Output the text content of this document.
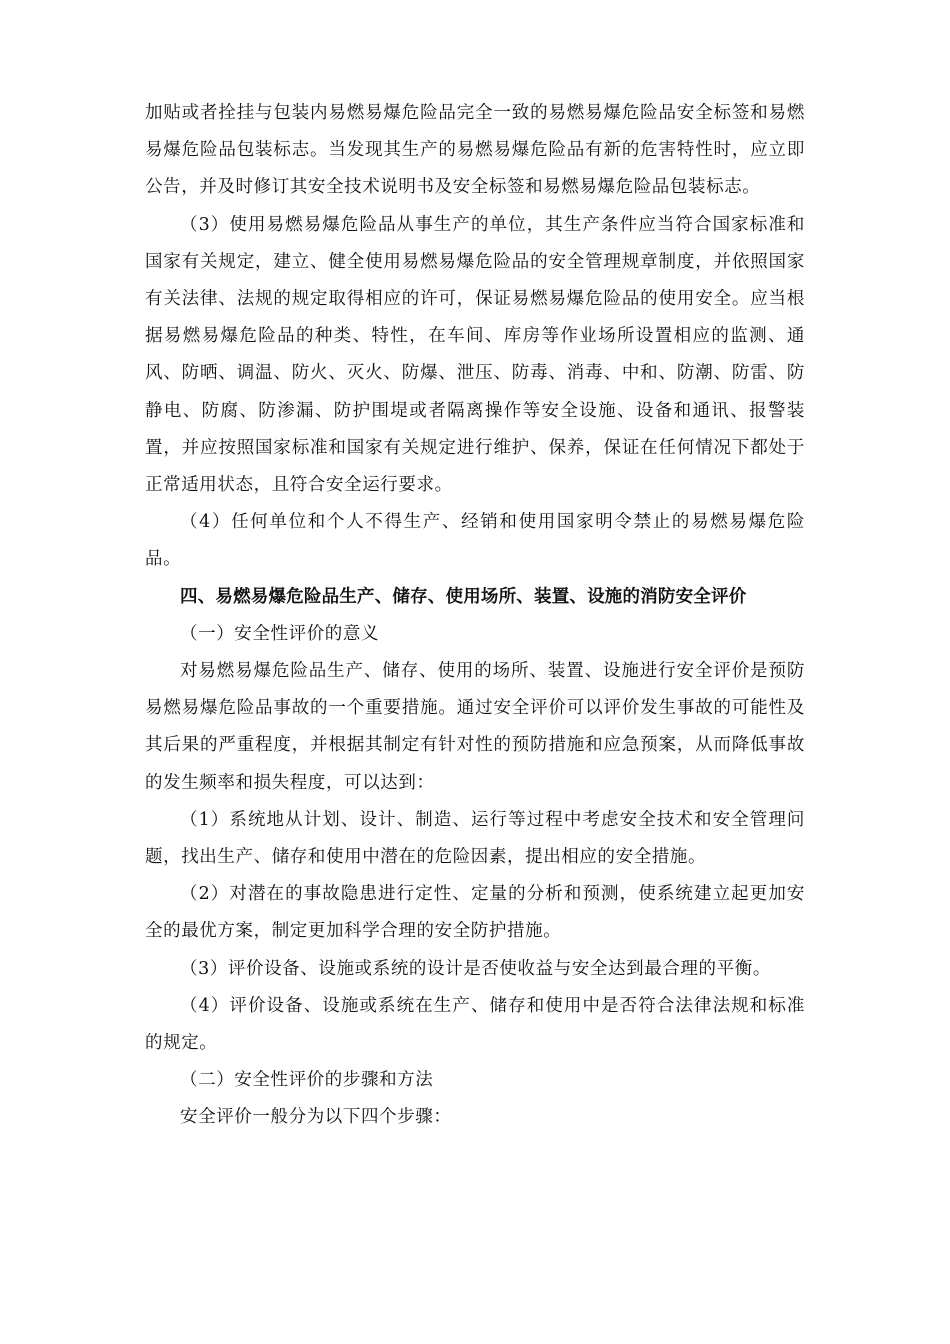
加贴或者拴挂与包装内易燃易爆危险品完全一致的易燃易爆危险品安全标签和易燃易爆危险品包装标志。当发现其生产的易燃易爆危险品有新的危害特性时，应立即公告，并及时修订其安全技术说明书及安全标签和易燃易爆危险品包装标志。

（3）使用易燃易爆危险品从事生产的单位，其生产条件应当符合国家标准和国家有关规定，建立、健全使用易燃易爆危险品的安全管理规章制度，并依照国家有关法律、法规的规定取得相应的许可，保证易燃易爆危险品的使用安全。应当根据易燃易爆危险品的种类、特性，在车间、库房等作业场所设置相应的监测、通风、防晒、调温、防火、灭火、防爆、泄压、防毒、消毒、中和、防潮、防雷、防静电、防腐、防渗漏、防护围堤或者隔离操作等安全设施、设备和通讯、报警装置，并应按照国家标准和国家有关规定进行维护、保养，保证在任何情况下都处于正常适用状态，且符合安全运行要求。

（4）任何单位和个人不得生产、经销和使用国家明令禁止的易燃易爆危险品。

四、易燃易爆危险品生产、储存、使用场所、装置、设施的消防安全评价

（一）安全性评价的意义

对易燃易爆危险品生产、储存、使用的场所、装置、设施进行安全评价是预防易燃易爆危险品事故的一个重要措施。通过安全评价可以评价发生事故的可能性及其后果的严重程度，并根据其制定有针对性的预防措施和应急预案，从而降低事故的发生频率和损失程度，可以达到：

（1）系统地从计划、设计、制造、运行等过程中考虑安全技术和安全管理问题，找出生产、储存和使用中潜在的危险因素，提出相应的安全措施。

（2）对潜在的事故隐患进行定性、定量的分析和预测，使系统建立起更加安全的最优方案，制定更加科学合理的安全防护措施。

（3）评价设备、设施或系统的设计是否使收益与安全达到最合理的平衡。

（4）评价设备、设施或系统在生产、储存和使用中是否符合法律法规和标准的规定。

（二）安全性评价的步骤和方法

安全评价一般分为以下四个步骤：
